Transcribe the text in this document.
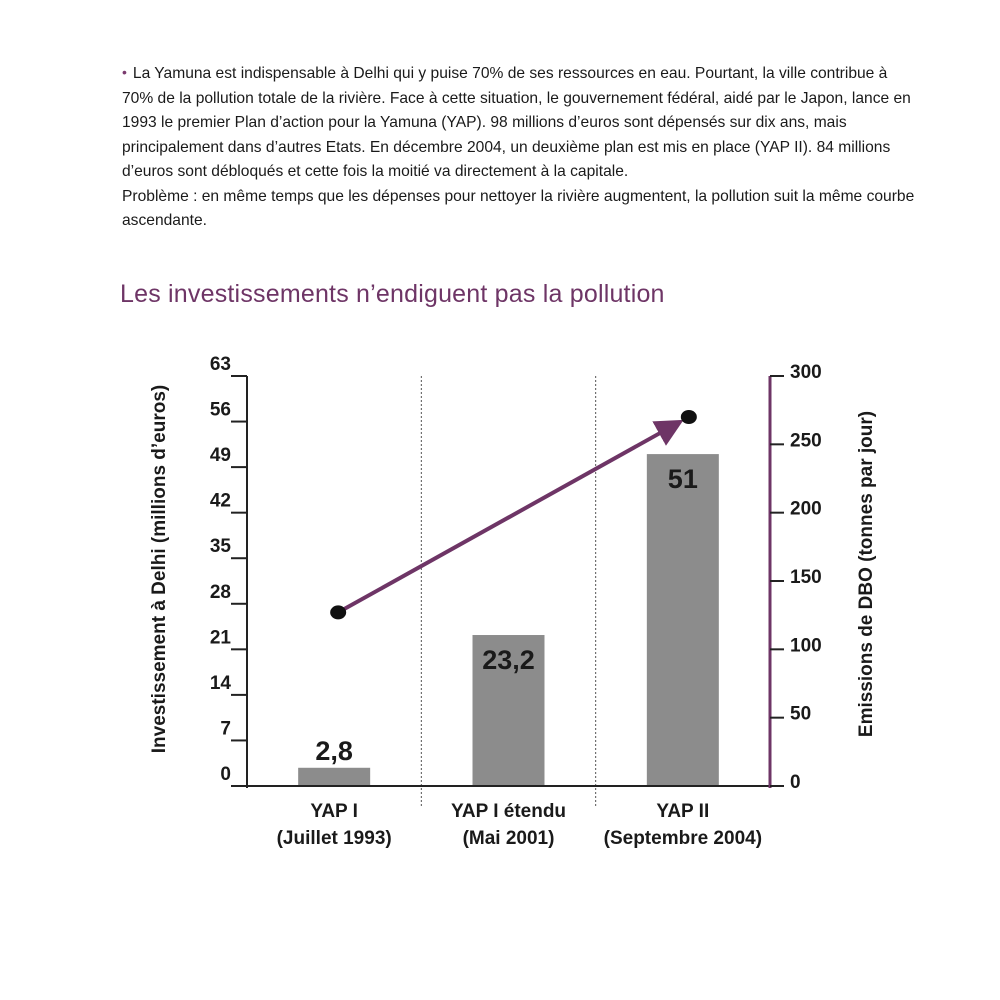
• La Yamuna est indispensable à Delhi qui y puise 70% de ses ressources en eau. Pourtant, la ville contribue à 70% de la pollution totale de la rivière. Face à cette situation, le gouvernement fédéral, aidé par le Japon, lance en 1993 le premier Plan d’action pour la Yamuna (YAP). 98 millions d’euros sont dépensés sur dix ans, mais principalement dans d’autres Etats. En décembre 2004, un deuxième plan est mis en place (YAP II). 84 millions d’euros sont débloqués et cette fois la moitié va directement à la capitale.

Problème : en même temps que les dépenses pour nettoyer la rivière augmentent, la pollution suit la même courbe ascendante.

Les investissements n’endiguent pas la pollution
0
7
14
21
28
35
42
49
56
63
0
50
100
150
200
250
300
Investissement à Delhi (millions d’euros)	Emissions de DBO (tonnes par jour)
2,8
23,2
51
YAP I
(Juillet 1993)
YAP I étendu
(Mai 2001)
YAP II
(Septembre 2004)
